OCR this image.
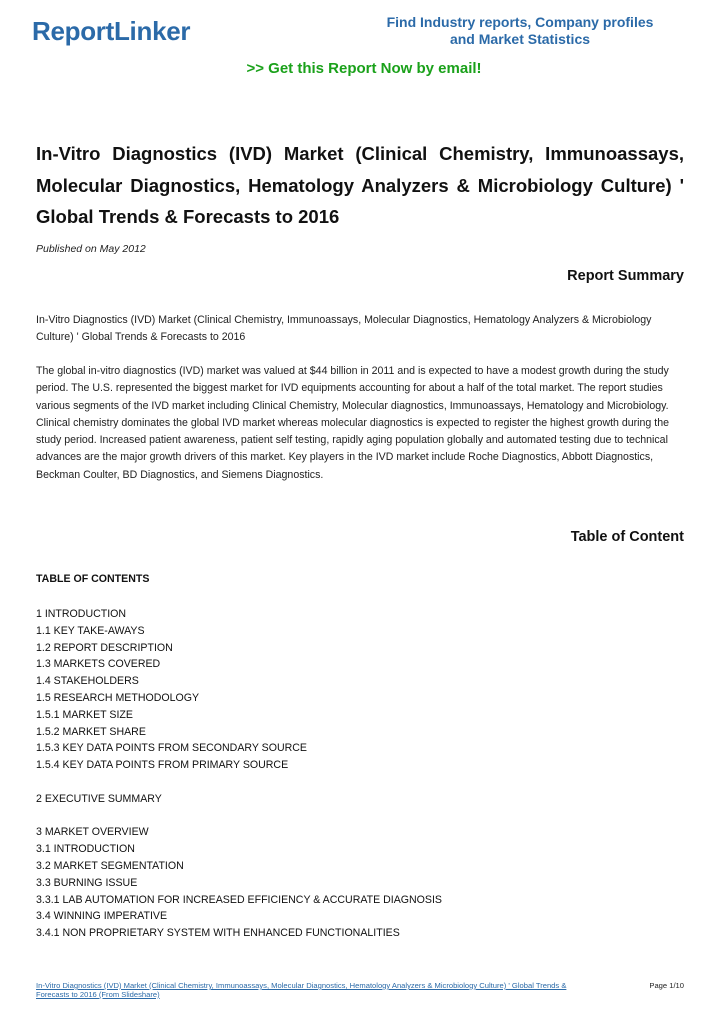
ReportLinker	Find Industry reports, Company profiles
and Market Statistics
>> Get this Report Now by email!
In-Vitro Diagnostics (IVD) Market (Clinical Chemistry, Immunoassays, Molecular Diagnostics, Hematology Analyzers & Microbiology Culture) ' Global Trends & Forecasts to 2016
Published on May 2012
Report Summary
In-Vitro Diagnostics (IVD) Market (Clinical Chemistry, Immunoassays, Molecular Diagnostics, Hematology Analyzers & Microbiology Culture) ' Global Trends & Forecasts to 2016
The global in-vitro diagnostics (IVD) market was valued at $44 billion in 2011 and is expected to have a modest growth during the study period. The U.S. represented the biggest market for IVD equipments accounting for about a half of the total market. The report studies various segments of the IVD market including Clinical Chemistry, Molecular diagnostics, Immunoassays, Hematology and Microbiology. Clinical chemistry dominates the global IVD market whereas molecular diagnostics is expected to register the highest growth during the study period. Increased patient awareness, patient self testing, rapidly aging population globally and automated testing due to technical advances are the major growth drivers of this market. Key players in the IVD market include Roche Diagnostics, Abbott Diagnostics, Beckman Coulter, BD Diagnostics, and Siemens Diagnostics.
Table of Content
TABLE OF CONTENTS
1 INTRODUCTION
1.1 KEY TAKE-AWAYS
1.2 REPORT DESCRIPTION
1.3 MARKETS COVERED
1.4 STAKEHOLDERS
1.5 RESEARCH METHODOLOGY
1.5.1 MARKET SIZE
1.5.2 MARKET SHARE
1.5.3 KEY DATA POINTS FROM SECONDARY SOURCE
1.5.4 KEY DATA POINTS FROM PRIMARY SOURCE
2 EXECUTIVE SUMMARY
3 MARKET OVERVIEW
3.1 INTRODUCTION
3.2 MARKET SEGMENTATION
3.3 BURNING ISSUE
3.3.1 LAB AUTOMATION FOR INCREASED EFFICIENCY & ACCURATE DIAGNOSIS
3.4 WINNING IMPERATIVE
3.4.1 NON PROPRIETARY SYSTEM WITH ENHANCED FUNCTIONALITIES
In-Vitro Diagnostics (IVD) Market (Clinical Chemistry, Immunoassays, Molecular Diagnostics, Hematology Analyzers & Microbiology Culture) ' Global Trends & Forecasts to 2016 (From Slideshare)
Page 1/10
